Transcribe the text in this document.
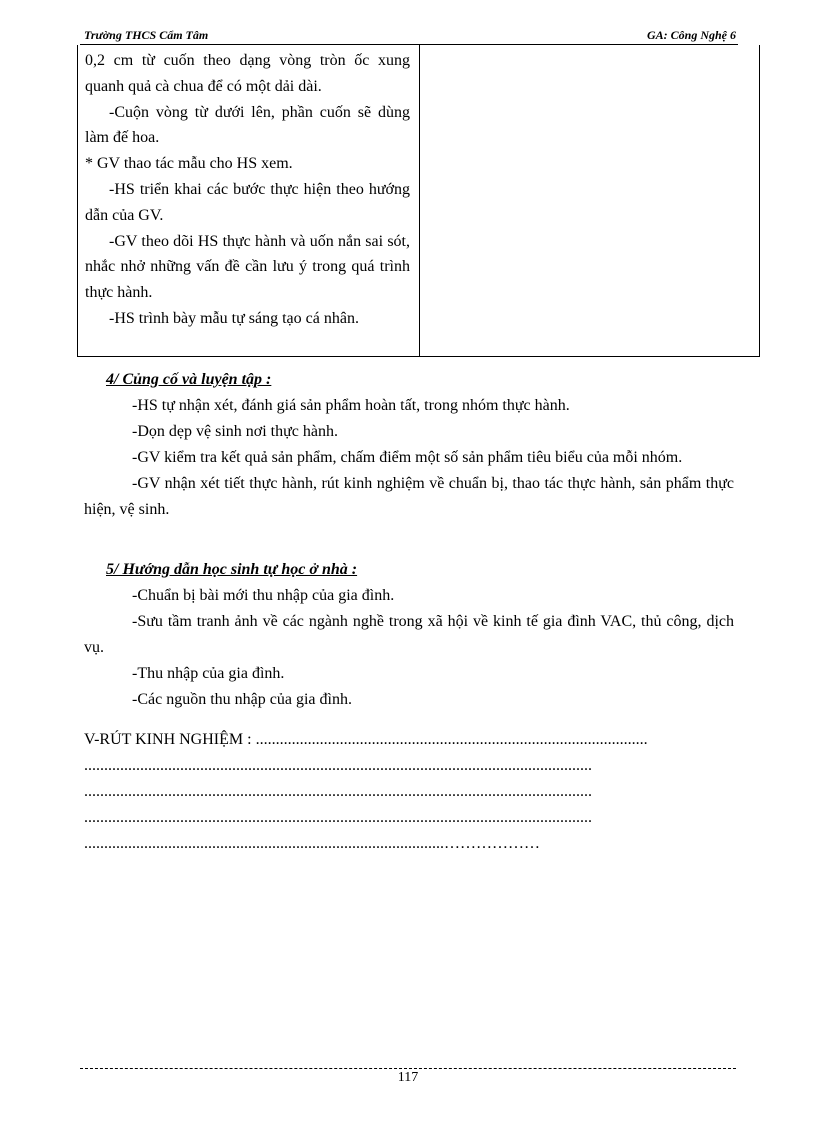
Trường THCS Cẩm Tâm	GA: Công Nghệ 6

0,2 cm từ cuốn theo dạng vòng tròn ốc xung quanh quả cà chua để có một dải dài.

-Cuộn vòng từ dưới lên, phần cuốn sẽ dùng làm đế hoa.

* GV thao tác mẫu cho HS xem.

-HS triển khai các bước thực hiện theo hướng dẫn của GV.

-GV theo dõi HS thực hành và uốn nắn sai sót, nhắc nhở những vấn đề cần lưu ý trong quá trình thực hành.

-HS trình bày mẫu tự sáng tạo cá nhân.

4/ Củng cố và luyện tập :

-HS tự nhận xét, đánh giá sản phẩm hoàn tất, trong nhóm thực hành.

-Dọn dẹp vệ sinh nơi thực hành.

-GV kiểm tra kết quả sản phẩm, chấm điểm một số sản phẩm tiêu biểu của mỗi nhóm.

-GV nhận xét tiết thực hành, rút kinh nghiệm về chuẩn bị, thao tác thực hành, sản phẩm thực hiện, vệ sinh.

5/ Hướng dẫn học sinh tự học ở nhà :

-Chuẩn bị bài mới thu nhập của gia đình.

-Sưu tầm tranh ảnh về các ngành nghề trong xã hội về kinh tế gia đình VAC, thủ công, dịch vụ.

-Thu nhập của gia đình.

-Các nguồn thu nhập của gia đình.

V-RÚT KINH NGHIỆM : ..................................................................................................
...............................................................................................................................
...............................................................................................................................
...............................................................................................................................
..........................................................................................………………
117
